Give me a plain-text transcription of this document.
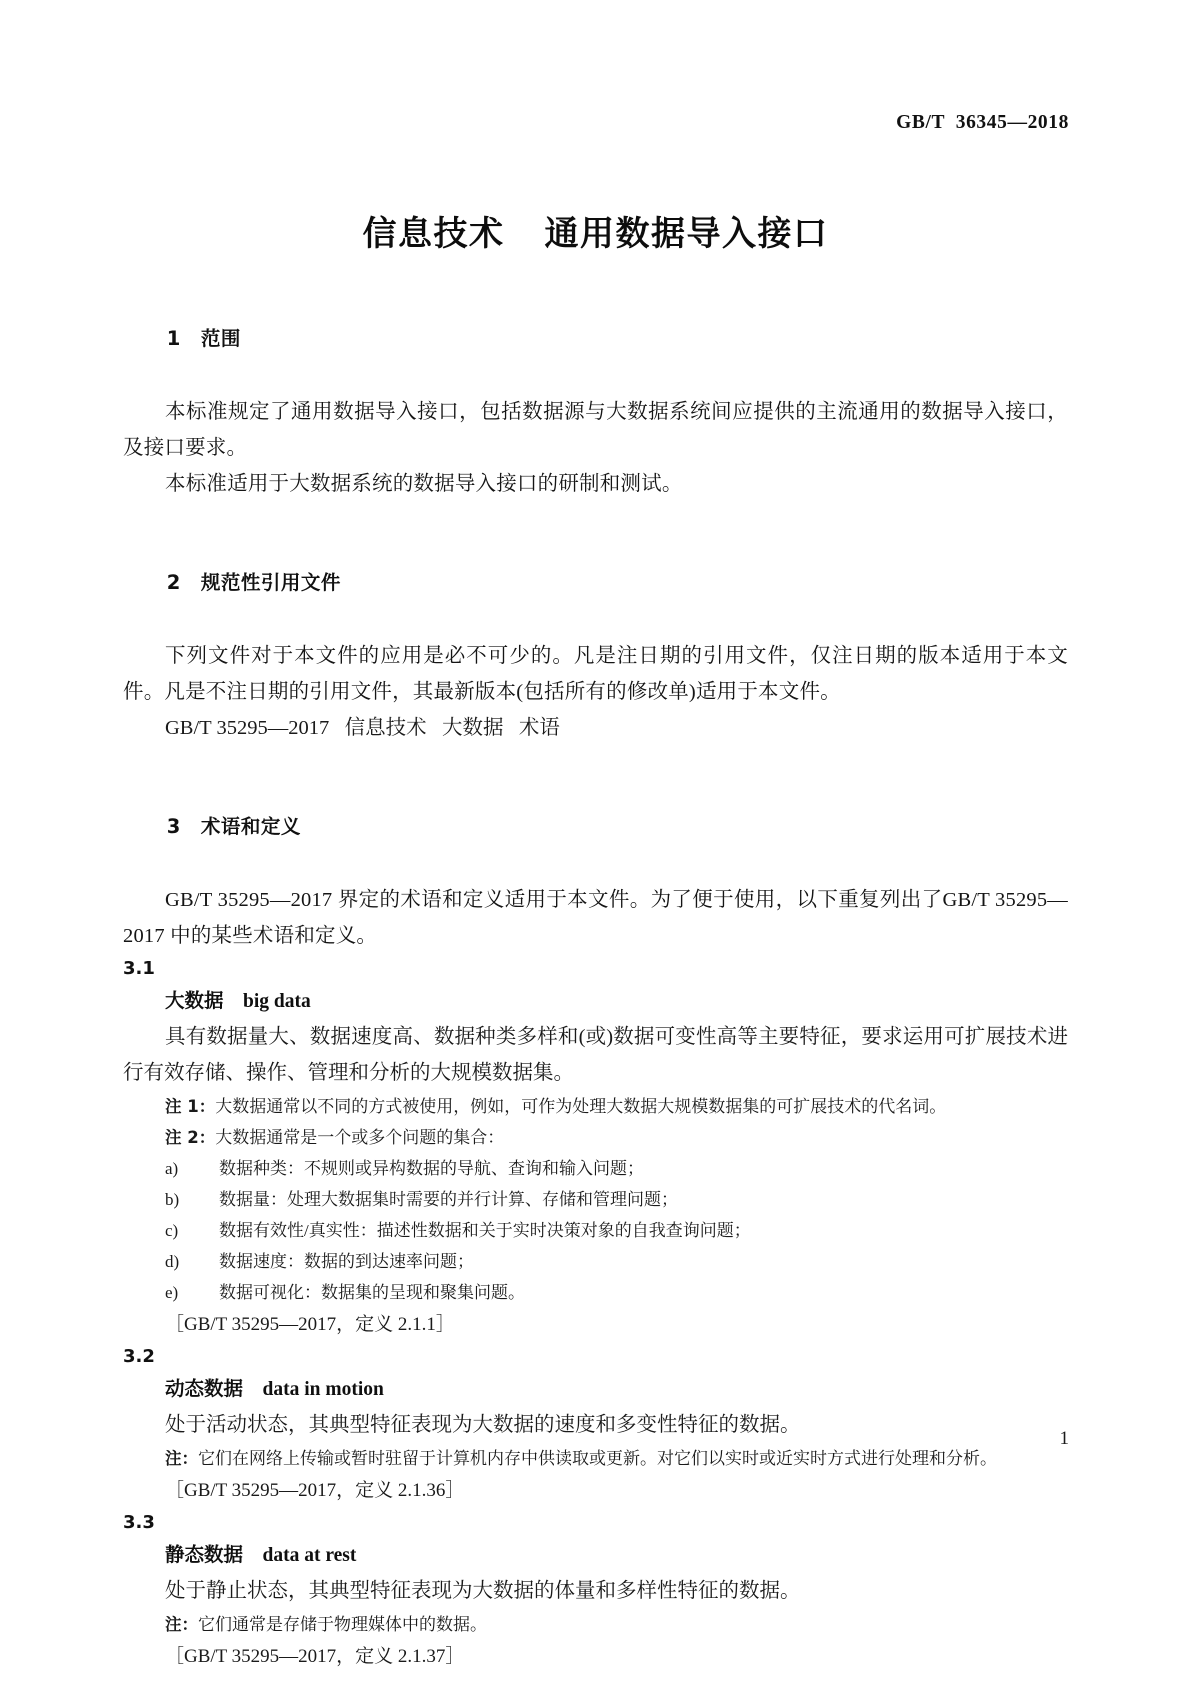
GB/T  36345—2018
信息技术   通用数据导入接口

1  范围

本标准规定了通用数据导入接口，包括数据源与大数据系统间应提供的主流通用的数据导入接口，及接口要求。

本标准适用于大数据系统的数据导入接口的研制和测试。

2  规范性引用文件

下列文件对于本文件的应用是必不可少的。凡是注日期的引用文件，仅注日期的版本适用于本文件。凡是不注日期的引用文件，其最新版本(包括所有的修改单)适用于本文件。

GB/T 35295—2017   信息技术   大数据   术语

3  术语和定义

GB/T 35295—2017 界定的术语和定义适用于本文件。为了便于使用，以下重复列出了GB/T 35295—2017 中的某些术语和定义。

3.1

大数据  big data

具有数据量大、数据速度高、数据种类多样和(或)数据可变性高等主要特征，要求运用可扩展技术进行有效存储、操作、管理和分析的大规模数据集。

注 1：大数据通常以不同的方式被使用，例如，可作为处理大数据大规模数据集的可扩展技术的代名词。

注 2：大数据通常是一个或多个问题的集合：

a)	数据种类：不规则或异构数据的导航、查询和输入问题；
b)	数据量：处理大数据集时需要的并行计算、存储和管理问题；
c)	数据有效性/真实性：描述性数据和关于实时决策对象的自我查询问题；
d)	数据速度：数据的到达速率问题；
e)	数据可视化：数据集的呈现和聚集问题。

［GB/T 35295—2017，定义 2.1.1］

3.2

动态数据  data in motion

处于活动状态，其典型特征表现为大数据的速度和多变性特征的数据。

注：它们在网络上传输或暂时驻留于计算机内存中供读取或更新。对它们以实时或近实时方式进行处理和分析。

［GB/T 35295—2017，定义 2.1.36］

3.3

静态数据  data at rest

处于静止状态，其典型特征表现为大数据的体量和多样性特征的数据。

注：它们通常是存储于物理媒体中的数据。

［GB/T 35295—2017，定义 2.1.37］

1
